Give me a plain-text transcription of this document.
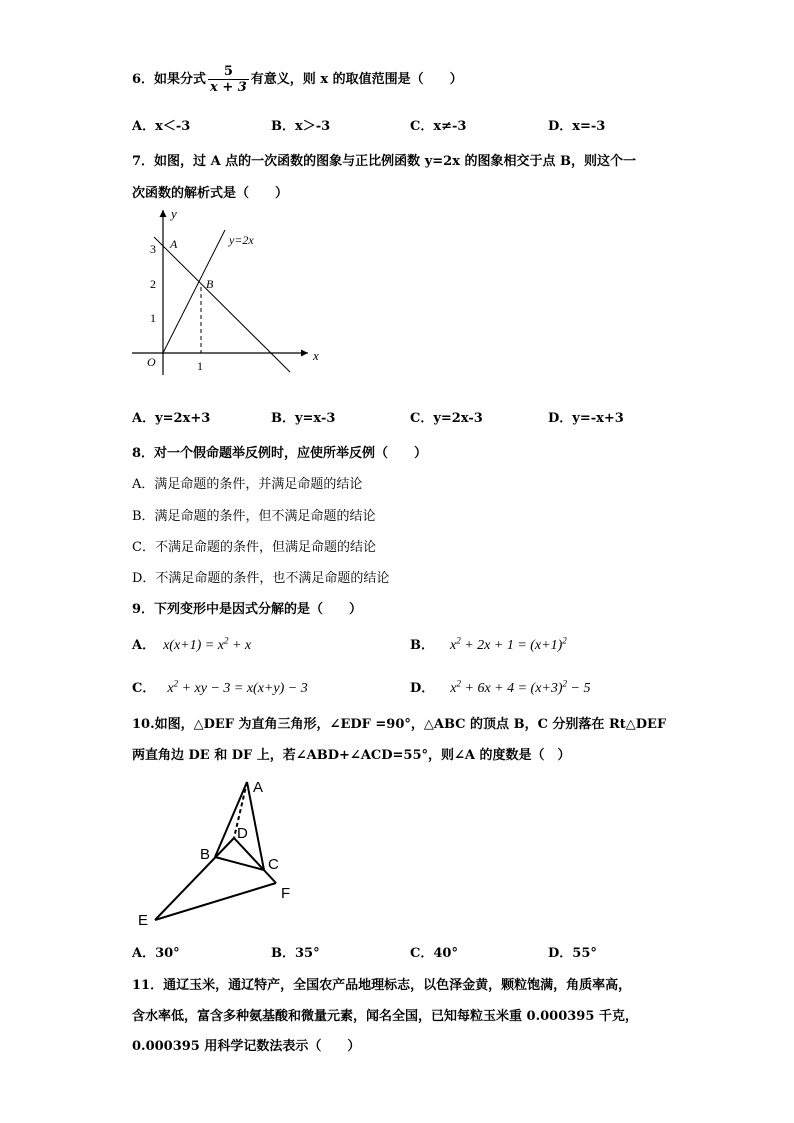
6．如果分式 $\frac{5}{x + 3}$ 有意义，则 x 的取值范围是（　　）
A．x＜-3	B．x＞-3	C．x≠-3	D．x=-3
7．如图，过 A 点的一次函数的图象与正比例函数 y=2x 的图象相交于点 B，则这个一
次函数的解析式是（　　）
y
x
O
3
2
1
1
A
B
y=2x
A．y=2x+3	B．y=x-3	C．y=2x-3	D．y=-x+3
8．对一个假命题举反例时，应使所举反例（　　）
A．满足命题的条件，并满足命题的结论
B．满足命题的条件，但不满足命题的结论
C．不满足命题的条件，但满足命题的结论
D．不满足命题的条件，也不满足命题的结论
9．下列变形中是因式分解的是（　　）
A． $x(x+1) = x^2 + x$	B． $x^2 + 2x + 1 = (x+1)^2$
C． $x^2$ + xy − 3 = x(x+y) − 3	D． $x^2 + 6x + 4 = (x+3)^2 - 5$
10.如图，△DEF 为直角三角形，∠EDF =90°，△ABC 的顶点 B，C 分别落在 Rt△DEF
两直角边 DE 和 DF 上，若∠ABD+∠ACD=55°，则∠A 的度数是（　）
A
B
C
D
E
F
A．30°	B．35°	C．40°	D．55°
11．通辽玉米，通辽特产，全国农产品地理标志，以色泽金黄，颗粒饱满，角质率高，
含水率低，富含多种氨基酸和微量元素，闻名全国，已知每粒玉米重 0.000395 千克，
0.000395 用科学记数法表示（　　）
